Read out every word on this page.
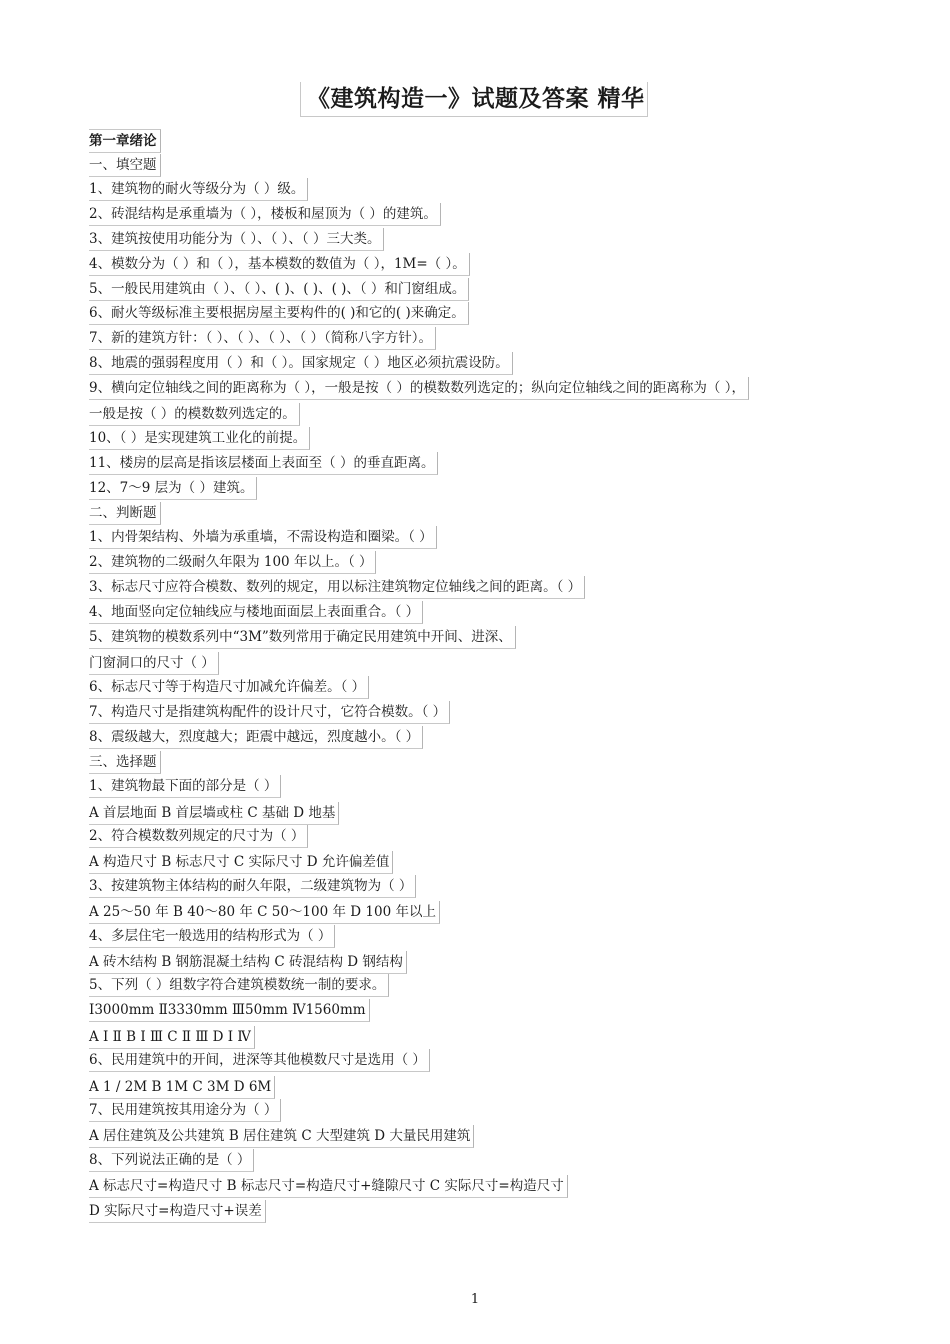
《建筑构造一》试题及答案 精华
第一章绪论
一、填空题
1、建筑物的耐火等级分为（ ）级。
2、砖混结构是承重墙为（ ），楼板和屋顶为（ ）的建筑。
3、建筑按使用功能分为（ ）、（ ）、（ ）三大类。
4、模数分为（ ）和（ ），基本模数的数值为（ ），1M=（ ）。
5、一般民用建筑由（ ）、（ ）、( )、( )、( )、（ ）和门窗组成。
6、耐火等级标准主要根据房屋主要构件的( )和它的( )来确定。
7、新的建筑方针：（ ）、（ ）、（ ）、（ ）（简称八字方针）。
8、地震的强弱程度用（ ）和（ ）。国家规定（ ）地区必须抗震设防。
9、横向定位轴线之间的距离称为（ ），一般是按（ ）的模数数列选定的；纵向定位轴线之间的距离称为（ ），
一般是按（ ）的模数数列选定的。
10、（ ）是实现建筑工业化的前提。
11、楼房的层高是指该层楼面上表面至（ ）的垂直距离。
12、7～9 层为（ ）建筑。
二、判断题
1、内骨架结构、外墙为承重墙，不需设构造和圈梁。（ ）
2、建筑物的二级耐久年限为 100 年以上。（ ）
3、标志尺寸应符合模数、数列的规定，用以标注建筑物定位轴线之间的距离。（ ）
4、地面竖向定位轴线应与楼地面面层上表面重合。（ ）
5、建筑物的模数系列中“3M”数列常用于确定民用建筑中开间、进深、
门窗洞口的尺寸（ ）
6、标志尺寸等于构造尺寸加减允许偏差。（ ）
7、构造尺寸是指建筑构配件的设计尺寸，它符合模数。（ ）
8、震级越大，烈度越大；距震中越远，烈度越小。（ ）
三、选择题
1、建筑物最下面的部分是（ ）
A 首层地面 B 首层墙或柱 C 基础 D 地基
2、符合模数数列规定的尺寸为（ ）
A 构造尺寸 B 标志尺寸 C 实际尺寸 D 允许偏差值
3、按建筑物主体结构的耐久年限，二级建筑物为（ ）
A 25～50 年 B 40～80 年 C 50～100 年 D 100 年以上
4、多层住宅一般选用的结构形式为（ ）
A 砖木结构 B 钢筋混凝土结构 C 砖混结构 D 钢结构
5、下列（ ）组数字符合建筑模数统一制的要求。
Ⅰ3000mm Ⅱ3330mm Ⅲ50mm Ⅳ1560mm
A Ⅰ Ⅱ B Ⅰ Ⅲ C Ⅱ Ⅲ D Ⅰ Ⅳ
6、民用建筑中的开间，进深等其他模数尺寸是选用（ ）
A 1 / 2M B 1M C 3M D 6M
7、民用建筑按其用途分为（ ）
A 居住建筑及公共建筑 B 居住建筑 C 大型建筑 D 大量民用建筑
8、下列说法正确的是（ ）
A 标志尺寸=构造尺寸 B 标志尺寸=构造尺寸+缝隙尺寸 C 实际尺寸=构造尺寸
D 实际尺寸=构造尺寸+误差
1
